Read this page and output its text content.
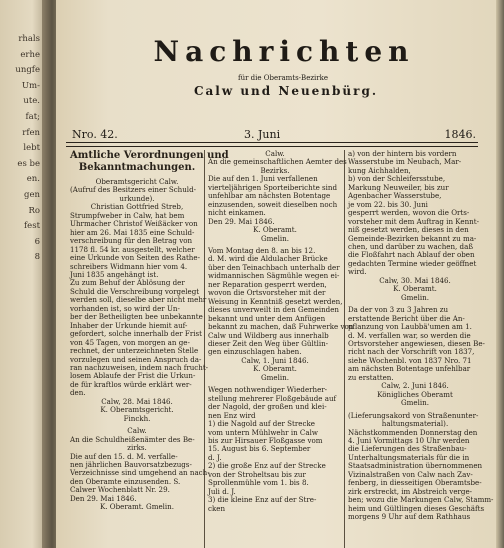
rhals
erhe
ungfe
Um-
ute.
fat;
rfen
lebt
es be
en.
gen
Ro
fest
6
8
Nachrichten
für die Oberamts-Bezirke
Calw und Neuenbürg.
Nro. 42.	3. Juni	1846.
Amtliche Verordnungen und
Bekanntmachungen.
Oberamtsgericht Calw.
(Aufruf des Besitzers einer Schuld-
urkunde).
Christian Gottfried Streb,
Strumpfweber in Calw, hat bem
Uhrmacher Christof Weißäcker von
hier am 26. Mai 1835 eine Schuld-
verschreibung für den Betrag von
1178 fl. 54 kr. ausgestellt, welcher
eine Urkunde von Seiten des Rathe-
schreibers Widmann hier vom 4.
Juni 1835 angehängt ist.
Zu zum Behuf der Ablösung der
Schuld die Verschreibung vorgelegt
werden soll, dieselbe aber nicht mehr
vorhanden ist, so wird der Un-
ber der Betheiligten bee unbekannte
Inhaber der Urkunde hiemit auf-
gefordert, solche innerhalb der Frist
von 45 Tagen, von morgen an ge-
rechnet, der unterzeichneten Stelle
vorzulegen und seinen Anspruch da-
ran nachzuweisen, indem nach frucht-
losem Ablaufe der Frist die Urkun-
de für kraftlos würde erklärt wer-
den.
Calw, 28. Mai 1846.
K. Oberamtsgericht.
Finckh.
Calw.
An die Schuldheißenämter des Be-
zirks.
Die auf den 15. d. M. verfalle-
nen jährlichen Bauvorsatzbezugs-
Verzeichnisse sind umgehend an nach-
den Oberamte einzusenden. S.
Calwer Wochenblatt Nr. 29.
Den 29. Mai 1846.
K. Oberamt. Gmelin.
Calw.
An die gemeinschaftlichen Aemter des
Bezirks.
Die auf den 1. Juni verfallenen
vierteljährigen Sporteiberichte sind
unfehlbar am nächsten Botentage
einzusenden, soweit dieselben noch
nicht einkamen.
Den 29. Mai 1846.
K. Oberamt.
Gmelin.
Vom Montag den 8. an bis 12.
d. M. wird die Aldulacher Brücke
über den Teinachbach unterhalb der
widmannischen Sägmühle wegen ei-
ner Reparation gesperrt werden,
wovon die Ortsvorsteher mit der
Weisung in Kenntniß gesetzt werden,
dieses unverweilt in den Gemeinden
bekannt und unter dem Anfügen
bekannt zu machen, daß Fuhrwerke von
Calw und Wildberg aus innerhalb
dieser Zeit den Weg über Gültlin-
gen einzuschlagen haben.
Calw, 1. Juni 1846.
K. Oberamt.
Gmelin.
Wegen nothwendiger Wiederher-
stellung mehrerer Floßgebäude auf
der Nagold, der großen und klei-
nen Enz wird
1) die Nagold auf der Strecke
vom untern Mühlwehr in Calw
bis zur Hirsauer Floßgasse vom
15. August bis 6. September
d. J.
2) die große Enz auf der Strecke
von der Stroheltsau bis zur
Sprollenmühle vom 1. bis 8.
Juli d. J.
3) die kleine Enz auf der Stre-
cken
a) von der hintern bis vordern
Wasserstube im Neubach, Mar-
kung Aichhalden,
b) von der Schleifersstube,
Markung Neuweiler, bis zur
Agenbacher Wasserstube,
je vom 22. bis 30. Juni
gesperrt werden, wovon die Orts-
vorsteher mit dem Auftrag in Kennt-
niß gesetzt werden, dieses in den
Gemeinde-Bezirken bekannt zu ma-
chen, und darüber zu wachen, daß
die Floßfahrt nach Ablauf der oben
gedachten Termine wieder geöffnet
wird.
Calw, 30. Mai 1846.
K. Oberamt.
Gmelin.
Da der von 3 zu 3 Jahren zu
erstattende Bericht über die An-
pflanzung von Laubbä'umen am 1.
d. M. verfallen war, so werden die
Ortsvorsteher angewiesen, diesen Be-
richt nach der Vorschrift von 1837,
siehe Wochenbl. von 1837 Nro. 71
am nächsten Botentage unfehlbar
zu erstatten.
Calw, 2. Juni 1846.
Königliches Oberamt
Gmelin.
(Lieferungsakord von Straßenunter-
haltungsmaterial).
Nächstkommenden Donnerstag den
4. Juni Vormittags 10 Uhr werden
die Lieferungen des Straßenbau-
Unterhaltungsmaterials für die in
Staatsadministration übernommenen
Vizinalstraßen von Calw nach Zav-
fenberg, in diesseitigen Oberamtsbe-
zirk erstreckt, im Abstreich verge-
ben; wozu die Markungen Calw, Stamm-
heim und Gültlingen dieses Geschäfts
morgens 9 Uhr auf dem Rathhaus
